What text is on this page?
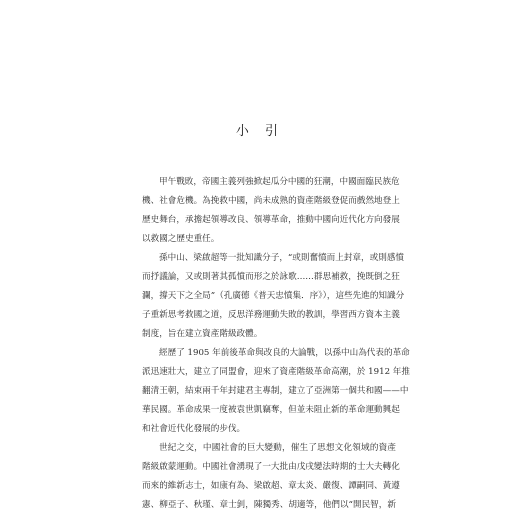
小 引
甲午戰敗，帝國主義列強掀起瓜分中國的狂潮，中國面臨民族危
機、社會危機。為挽救中國，尚未成熟的資產階級登促而戲然地登上
歷史舞台，承擔起領導改良、領導革命，推動中國向近代化方向發展
以救國之歷史重任。
孫中山、梁啟超等一批知識分子，“或則奮憤而上封章，或則感憤
而抒議論，又或則著其孤憤而形之於詠歌……群思補救，挽既倒之狂
瀾，撐天下之全局”（孔廣德《普天忠憤集．序》），這些先進的知識分
子重新思考救國之道，反思洋務運動失敗的教訓，學習西方資本主義
制度，旨在建立資產階級政體。
經歷了 1905 年前後革命與改良的大論戰，以孫中山為代表的革命
派迅速壯大，建立了同盟會，迎來了資產階級革命高潮，於 1912 年推
翻清王朝，結束兩千年封建君主專制，建立了亞洲第一個共和國——中
華民國。革命成果一度被袁世凱竊奪，但並未阻止新的革命運動興起
和社會近代化發展的步伐。
世紀之交，中國社會的巨大變動，催生了思想文化領域的資產
階級啟蒙運動。中國社會湧現了一大批由戊戌變法時期的士大夫轉化
而來的維新志士，如康有為、梁啟超、章太炎、嚴復、譚嗣同、黃遵
憲、柳亞子、秋瑾、章士釗，陳獨秀、胡適等，他們以“開民智，新
